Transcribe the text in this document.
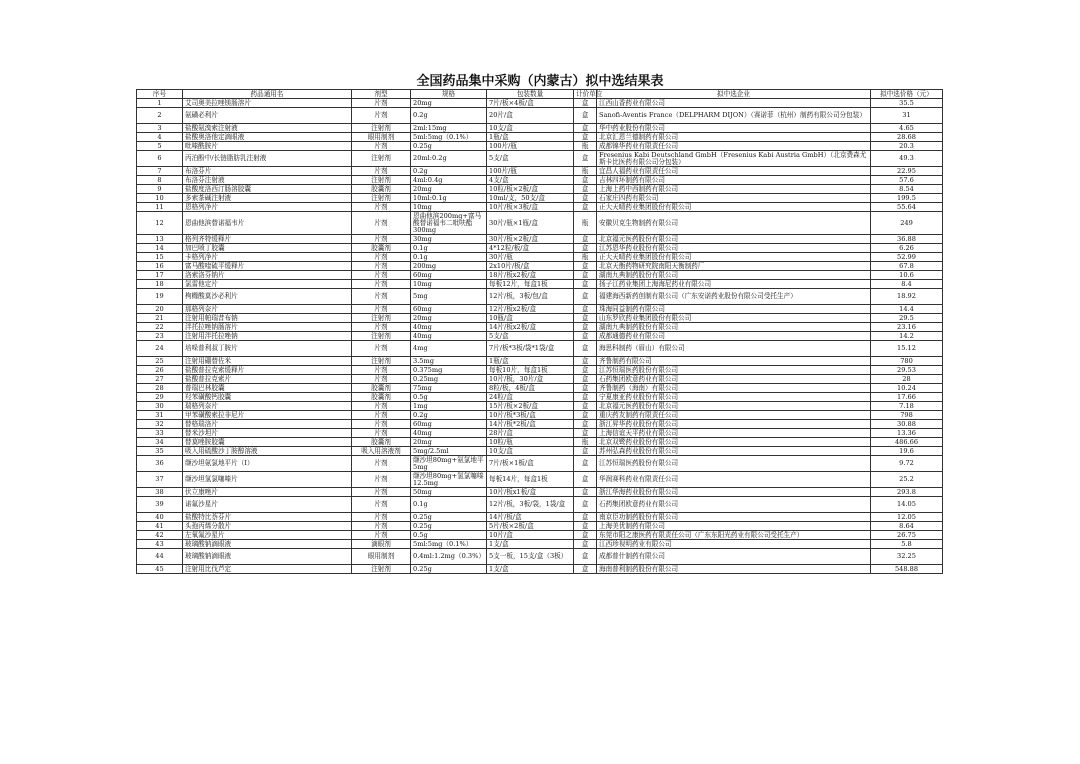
全国药品集中采购（内蒙古）拟中选结果表
序号	药品通用名	剂型	规格	包装数量	计价单位	拟中选企业	拟中选价格（元）
1	艾司奥美拉唑镁肠溶片	片剂	20mg	7片/板×4板/盒	盒	江西山香药业有限公司	35.5
2	氨磺必利片	片剂	0.2g	20片/盒	盒	Sanofi-Aventis France（DELPHARM DIJON）（赛诺菲（杭州）制药有限公司分包装）	31
3	盐酸氨溴索注射液	注射剂	2ml:15mg	10支/盒	盒	华中药业股份有限公司	4.65
4	盐酸奥洛他定滴眼液	眼用制剂	5ml:5mg（0.1%）	1瓶/盒	盒	北京汇恩兰德制药有限公司	28.68
5	吡嗪酰胺片	片剂	0.25g	100片/瓶	瓶	成都锦华药业有限责任公司	20.3
6	丙泊酚中/长链脂肪乳注射液	注射剂	20ml:0.2g	5支/盒	盒	Fresenius Kabi Deutschland GmbH（Fresenius Kabi Austria GmbH）（北京费森尤斯卡比医药有限公司分包装）	49.3
7	布洛芬片	片剂	0.2g	100片/瓶	瓶	宜昌人福药业有限责任公司	22.95
8	布洛芬注射液	注射剂	4ml:0.4g	4支/盒	盒	吉林四环制药有限公司	57.6
9	盐酸度洛西汀肠溶胶囊	胶囊剂	20mg	10粒/板×2板/盒	盒	上海上药中西制药有限公司	8.54
10	多索茶碱注射液	注射剂	10ml:0.1g	10ml/支，50支/盒	盒	石家庄四药有限公司	199.5
11	恩格列净片	片剂	10mg	10片/板×3板/盒	盒	正大天晴药业集团股份有限公司	55.64
12	恩曲他滨替诺福韦片	片剂	恩曲他滨200mg+富马酸替诺福韦二吡呋酯300mg	30片/瓶×1瓶/盒	瓶	安徽贝克生物制药有限公司	249
13	格列齐特缓释片	片剂	30mg	30片/板×2板/盒	盒	北京福元医药股份有限公司	36.88
14	加巴喷丁胶囊	胶囊剂	0.1g	4*12粒/板/盒	盒	江苏恩华药业股份有限公司	6.26
15	卡格列净片	片剂	0.1g	30片/瓶	瓶	正大天晴药业集团股份有限公司	52.99
16	富马酸喹硫平缓释片	片剂	200mg	2x10片/板/盒	盒	北京天衡药物研究院南阳天衡制药厂	67.8
17	洛索洛芬钠片	片剂	60mg	18片/板x2板/盒	盒	湖南九典制药股份有限公司	10.6
18	氯雷他定片	片剂	10mg	每板12片，每盒1板	盒	扬子江药业集团上海海尼药业有限公司	8.4
19	枸橼酸莫沙必利片	片剂	5mg	12片/板，3板/包/盒	盒	福建海西新药创制有限公司（广东安诺药业股份有限公司受托生产）	18.92
20	那格列奈片	片剂	60mg	12片/板x2板/盒	盒	珠海同益制药有限公司	14.4
21	注射用帕瑞昔布钠	注射剂	20mg	10瓶/盒	盒	山东罗欣药业集团股份有限公司	29.5
22	泮托拉唑钠肠溶片	片剂	40mg	14片/板x2板/盒	盒	湖南九典制药股份有限公司	23.16
23	注射用泮托拉唑钠	注射剂	40mg	5支/盒	盒	成都通德药业有限公司	14.2
24	培哚普利叔丁胺片	片剂	4mg	7片/板*3板/袋*1袋/盒	盒	海思科制药（眉山）有限公司	15.12
25	注射用硼替佐米	注射剂	3.5mg	1瓶/盒	盒	齐鲁制药有限公司	780
26	盐酸普拉克索缓释片	片剂	0.375mg	每板10片，每盒1板	盒	江苏恒瑞医药股份有限公司	29.53
27	盐酸普拉克索片	片剂	0.25mg	10片/板，30片/盒	盒	石药集团欧意药业有限公司	28
28	普瑞巴林胶囊	胶囊剂	75mg	8粒/板，4板/盒	盒	齐鲁制药（海南）有限公司	10.24
29	羟苯磺酸钙胶囊	胶囊剂	0.5g	24粒/盒	盒	宁夏康亚药业股份有限公司	17.66
30	瑞格列奈片	片剂	1mg	15片/板×2板/盒	盒	北京福元医药股份有限公司	7.18
31	甲苯磺酸索拉非尼片	片剂	0.2g	10片/板*3板/盒	盒	重庆药友制药有限责任公司	798
32	替格瑞洛片	片剂	60mg	14片/板*2板/盒	盒	浙江昇华药业股份有限公司	30.88
33	替米沙坦片	片剂	40mg	28片/盒	盒	上海信谊天平药业有限公司	13.36
34	替莫唑胺胶囊	胶囊剂	20mg	10粒/瓶	瓶	北京双鹭药业股份有限公司	486.66
35	吸入用硫酸沙丁胺醇溶液	吸入用溶液剂	5mg/2.5ml	10支/盒	盒	苏州弘森药业股份有限公司	19.6
36	缬沙坦氨氯地平片（I）	片剂	缬沙坦80mg+氨氯地平5mg	7片/板×1板/盒	盒	江苏恒瑞医药股份有限公司	9.72
37	缬沙坦氢氯噻嗪片	片剂	缬沙坦80mg+氢氯噻嗪12.5mg	每板14片，每盒1板	盒	华润赛科药业有限责任公司	25.2
38	伏立康唑片	片剂	50mg	10片/板x1板/盒	盒	浙江华海药业股份有限公司	293.8
39	诺氟沙星片	片剂	0.1g	12片/板，3板/袋，1袋/盒	盒	石药集团欧意药业有限公司	14.05
40	盐酸特比萘芬片	片剂	0.25g	14片/板/盒	盒	南京臣功制药股份有限公司	12.05
41	头孢丙烯分散片	片剂	0.25g	5片/板×2板/盒	盒	上海美优制药有限公司	8.64
42	左氧氟沙星片	片剂	0.5g	10片/盒	盒	东莞市阳之康医药有限责任公司（广东东阳光药业有限公司受托生产）	26.75
43	玻璃酸钠滴眼液	滴眼剂	5ml:5mg（0.1%）	1支/盒	盒	江西珍视明药业有限公司	5.8
44	玻璃酸钠滴眼液	眼用制剂	0.4ml:1.2mg（0.3%）	5支一板，15支/盒（3板）	盒	成都普什制药有限公司	32.25
45	注射用比伐芦定	注射剂	0.25g	1支/盒	盒	海南普利制药股份有限公司	548.88
